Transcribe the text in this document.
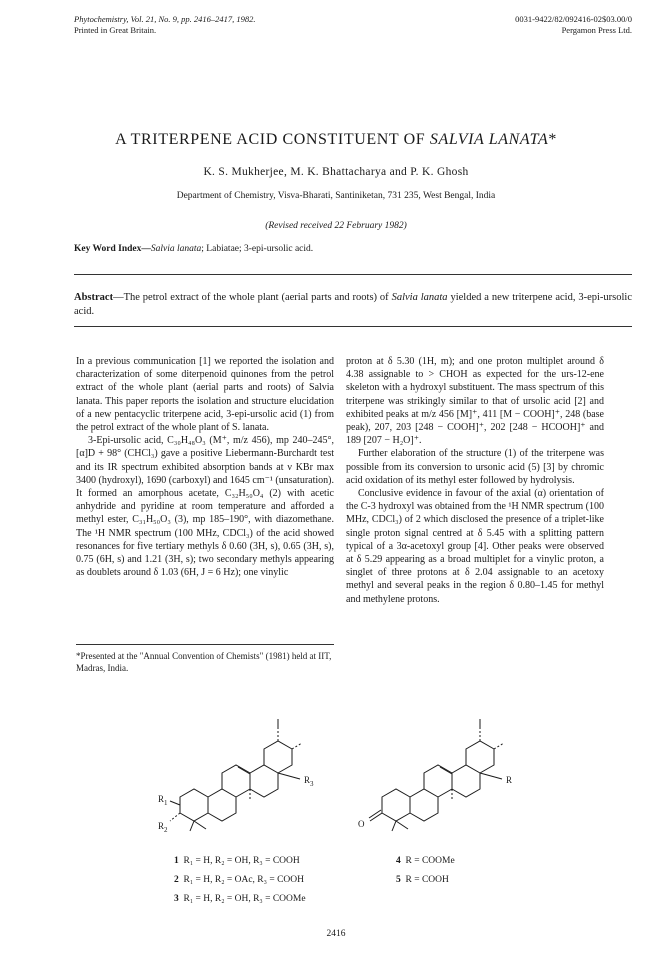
Phytochemistry, Vol. 21, No. 9, pp. 2416–2417, 1982.
Printed in Great Britain.
0031-9422/82/092416-02$03.00/0
Pergamon Press Ltd.
A TRITERPENE ACID CONSTITUENT OF SALVIA LANATA*
K. S. Mukherjee, M. K. Bhattacharya and P. K. Ghosh
Department of Chemistry, Visva-Bharati, Santiniketan, 731 235, West Bengal, India
(Revised received 22 February 1982)
Key Word Index—Salvia lanata; Labiatae; 3-epi-ursolic acid.
Abstract—The petrol extract of the whole plant (aerial parts and roots) of Salvia lanata yielded a new triterpene acid, 3-epi-ursolic acid.

In a previous communication [1] we reported the isolation and characterization of some diterpenoid quinones from the petrol extract of the whole plant (aerial parts and roots) of Salvia lanata. This paper reports the isolation and structure elucidation of a new pentacyclic triterpene acid, 3-epi-ursolic acid (1) from the petrol extract of the whole plant of S. lanata.

3-Epi-ursolic acid, C₃₀H₄₈O₃ (M⁺, m/z 456), mp 240–245°, [α]D + 98° (CHCl₃) gave a positive Liebermann-Burchardt test and its IR spectrum exhibited absorption bands at ν KBr max 3400 (hydroxyl), 1690 (carboxyl) and 1645 cm⁻¹ (unsaturation). It formed an amorphous acetate, C₃₂H₅₀O₄ (2) with acetic anhydride and pyridine at room temperature and afforded a methyl ester, C₃₁H₅₀O₃ (3), mp 185–190°, with diazomethane. The ¹H NMR spectrum (100 MHz, CDCl₃) of the acid showed resonances for five tertiary methyls δ 0.60 (3H, s), 0.65 (3H, s), 0.75 (6H, s) and 1.21 (3H, s); two secondary methyls appearing as doublets around δ 1.03 (6H, J = 6 Hz); one vinylic

*Presented at the "Annual Convention of Chemists" (1981) held at IIT, Madras, India.

proton at δ 5.30 (1H, m); and one proton multiplet around δ 4.38 assignable to > CHOH as expected for the urs-12-ene skeleton with a hydroxyl substituent. The mass spectrum of this triterpene was strikingly similar to that of ursolic acid [2] and exhibited peaks at m/z 456 [M]⁺, 411 [M − COOH]⁺, 248 (base peak), 207, 203 [248 − COOH]⁺, 202 [248 − HCOOH]⁺ and 189 [207 − H₂O]⁺.

Further elaboration of the structure (1) of the triterpene was possible from its conversion to ursonic acid (5) [3] by chromic acid oxidation of its methyl ester followed by hydrolysis.

Conclusive evidence in favour of the axial (α) orientation of the C-3 hydroxyl was obtained from the ¹H NMR spectrum (100 MHz, CDCl₃) of 2 which disclosed the presence of a triplet-like single proton signal centred at δ 5.45 with a splitting pattern typical of a 3α-acetoxyl group [4]. Other peaks were observed at δ 5.29 appearing as a broad multiplet for a vinylic proton, a singlet of three protons at δ 2.04 assignable to an acetoxy methyl and several peaks in the region δ 0.80–1.45 for methyl and methylene protons.

$R_3$
$R_1$
$R_2$
R
O
1 R₁ = H, R₂ = OH, R₃ = COOH
2 R₁ = H, R₂ = OAc, R₃ = COOH
3 R₁ = H, R₂ = OH, R₃ = COOMe
4 R = COOMe
5 R = COOH
2416
